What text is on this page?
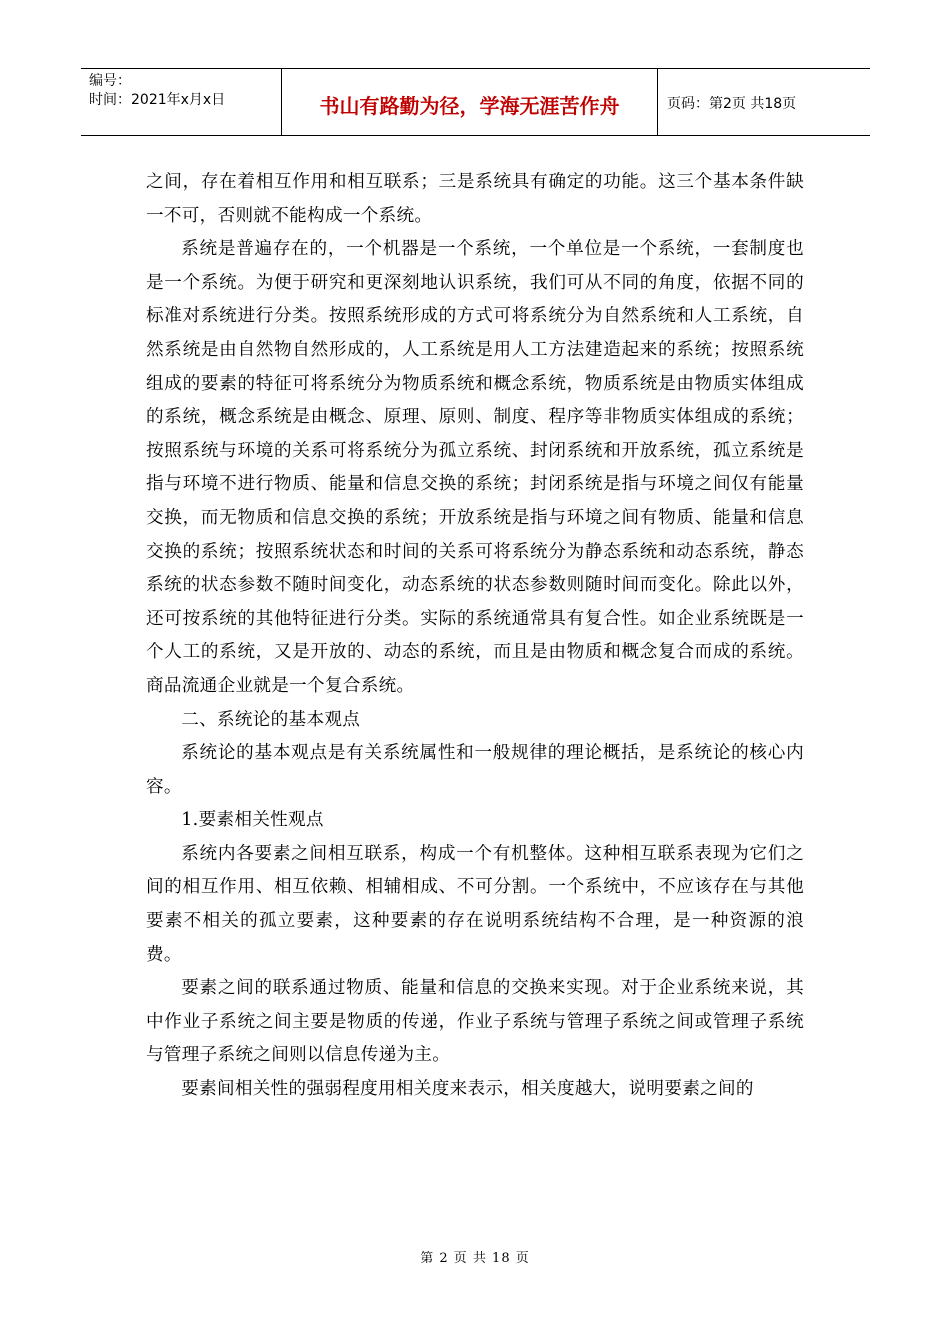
编号：
时间：2021年x月x日	书山有路勤为径，学海无涯苦作舟	页码：第2页 共18页

之间，存在着相互作用和相互联系；三是系统具有确定的功能。这三个基本条件缺一不可，否则就不能构成一个系统。

系统是普遍存在的，一个机器是一个系统，一个单位是一个系统，一套制度也是一个系统。为便于研究和更深刻地认识系统，我们可从不同的角度，依据不同的标准对系统进行分类。按照系统形成的方式可将系统分为自然系统和人工系统，自然系统是由自然物自然形成的，人工系统是用人工方法建造起来的系统；按照系统组成的要素的特征可将系统分为物质系统和概念系统，物质系统是由物质实体组成的系统，概念系统是由概念、原理、原则、制度、程序等非物质实体组成的系统；按照系统与环境的关系可将系统分为孤立系统、封闭系统和开放系统，孤立系统是指与环境不进行物质、能量和信息交换的系统；封闭系统是指与环境之间仅有能量交换，而无物质和信息交换的系统；开放系统是指与环境之间有物质、能量和信息交换的系统；按照系统状态和时间的关系可将系统分为静态系统和动态系统，静态系统的状态参数不随时间变化，动态系统的状态参数则随时间而变化。除此以外，还可按系统的其他特征进行分类。实际的系统通常具有复合性。如企业系统既是一个人工的系统，又是开放的、动态的系统，而且是由物质和概念复合而成的系统。商品流通企业就是一个复合系统。

二、系统论的基本观点

系统论的基本观点是有关系统属性和一般规律的理论概括，是系统论的核心内容。

1.要素相关性观点

系统内各要素之间相互联系，构成一个有机整体。这种相互联系表现为它们之间的相互作用、相互依赖、相辅相成、不可分割。一个系统中，不应该存在与其他要素不相关的孤立要素，这种要素的存在说明系统结构不合理，是一种资源的浪费。

要素之间的联系通过物质、能量和信息的交换来实现。对于企业系统来说，其中作业子系统之间主要是物质的传递，作业子系统与管理子系统之间或管理子系统与管理子系统之间则以信息传递为主。

要素间相关性的强弱程度用相关度来表示，相关度越大，说明要素之间的

第 2 页 共 18 页
